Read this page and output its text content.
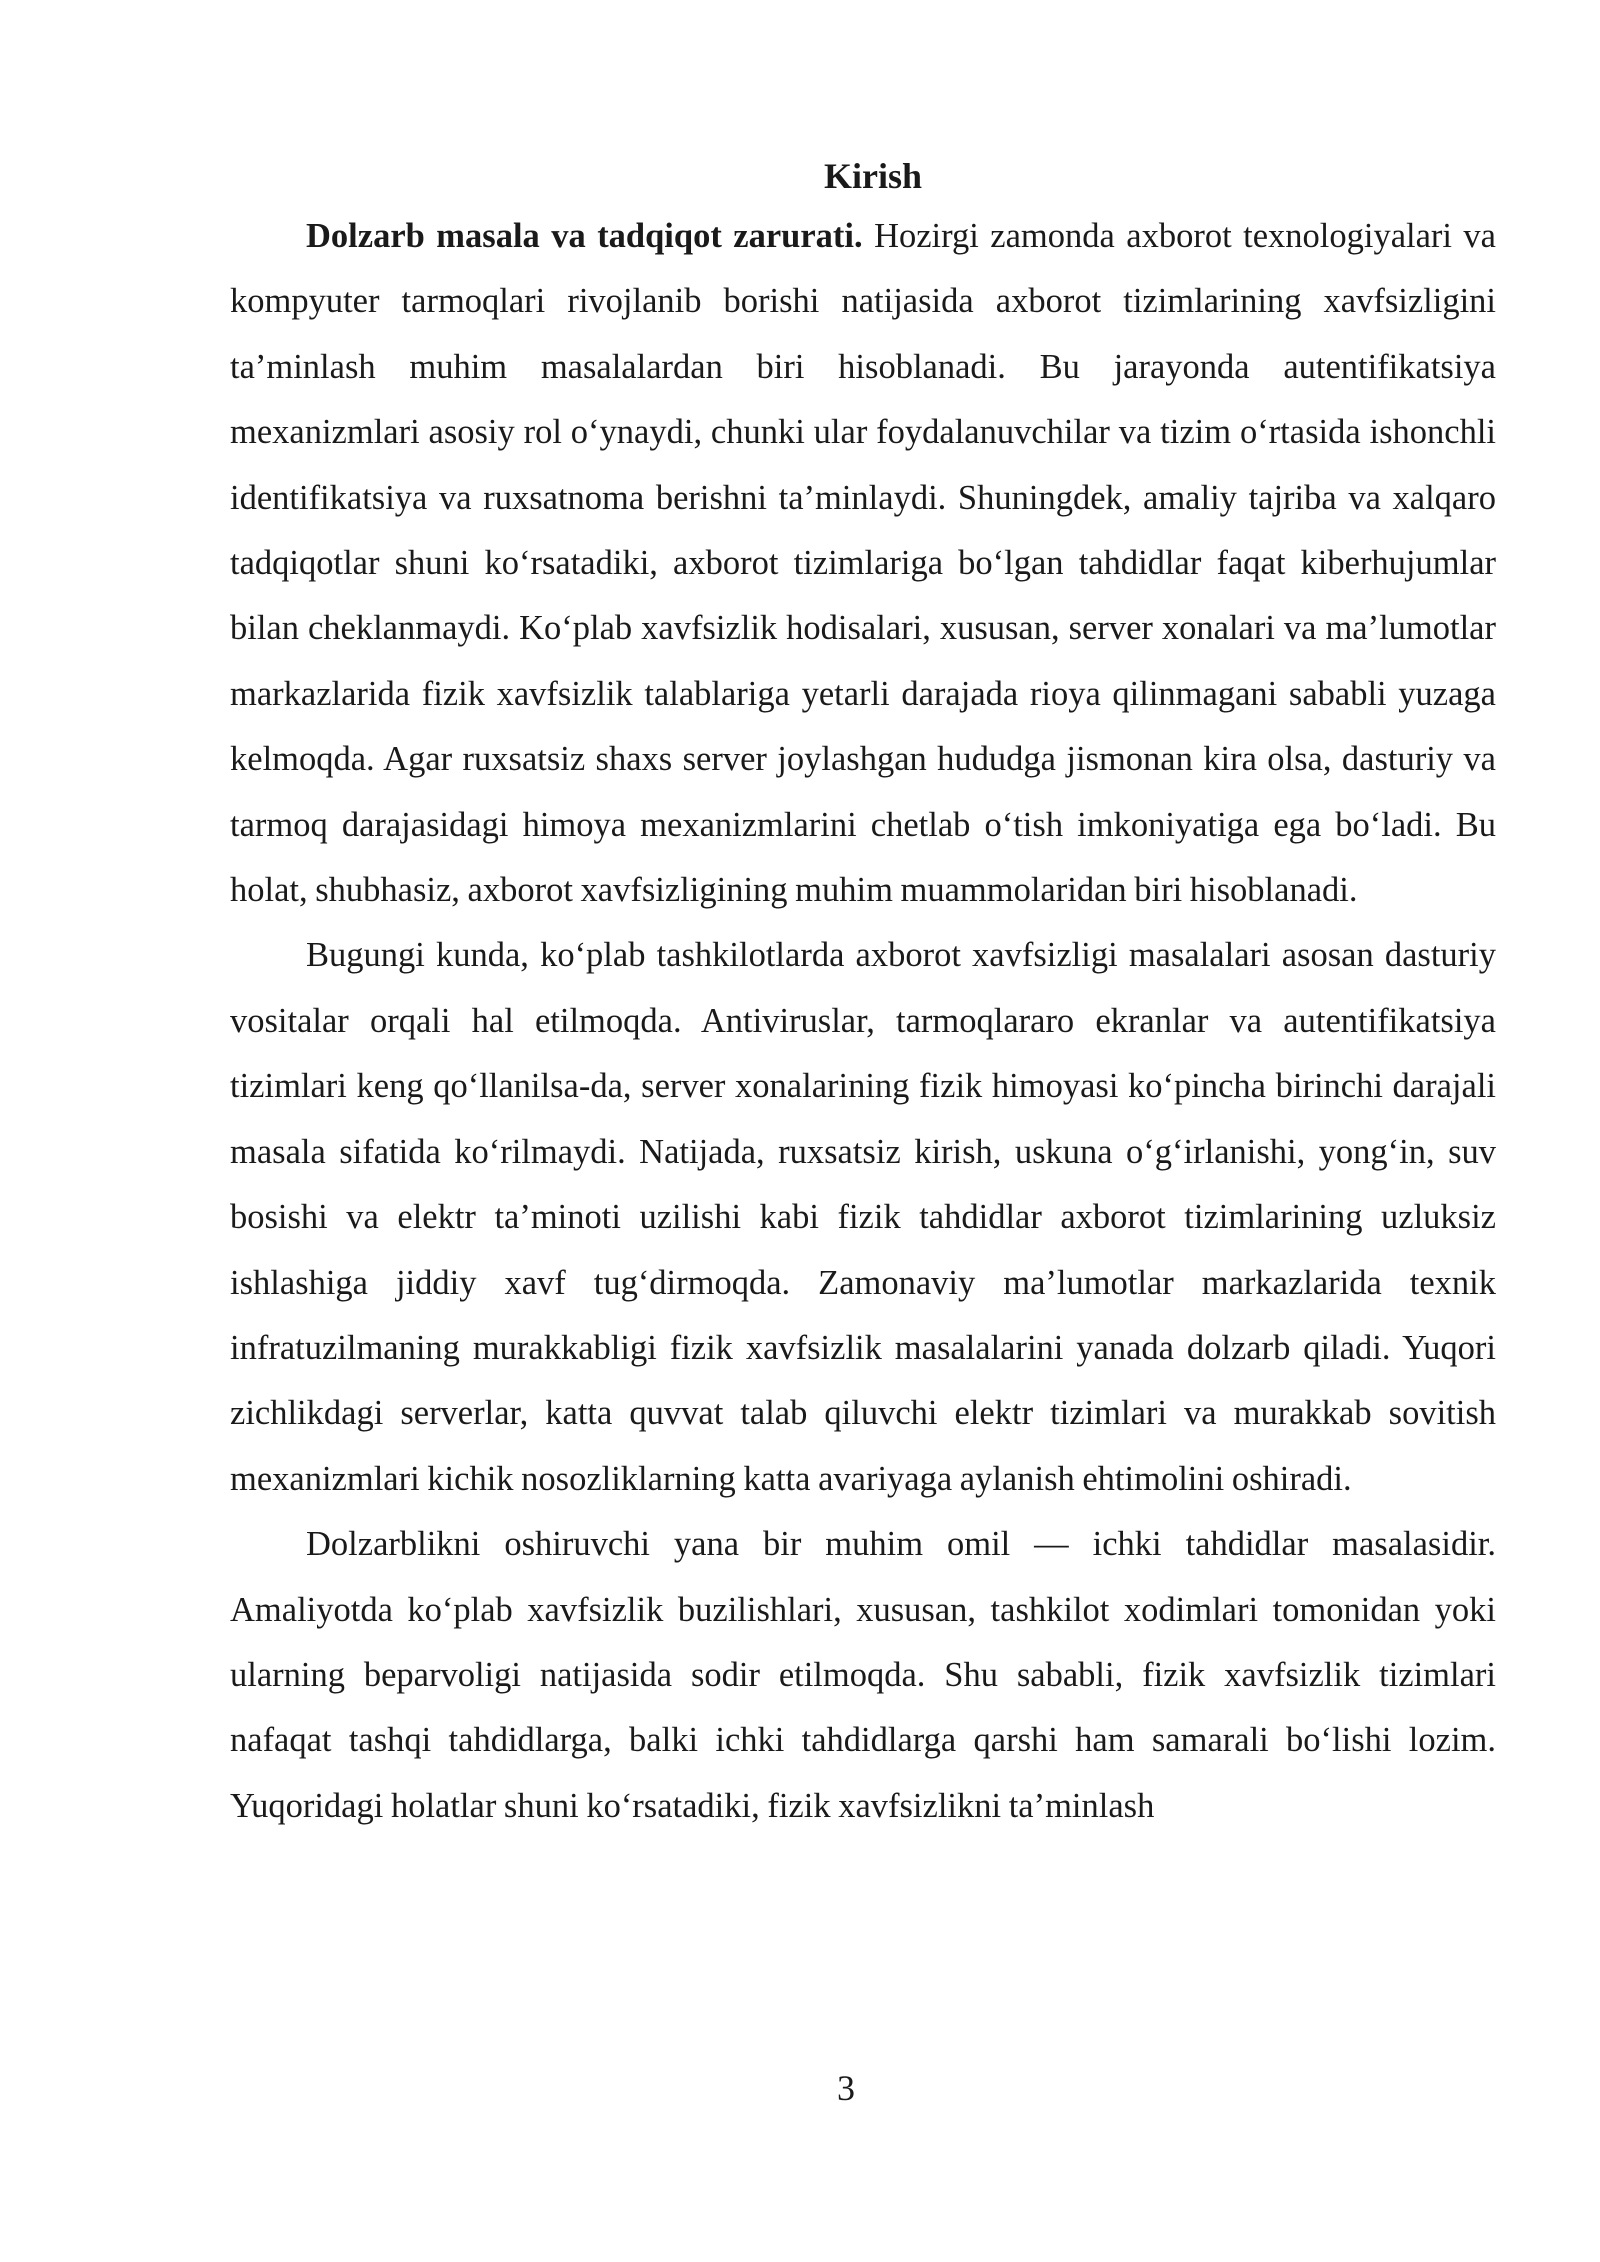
Kirish

Dolzarb masala va tadqiqot zarurati. Hozirgi zamonda axborot texnologiyalari va kompyuter tarmoqlari rivojlanib borishi natijasida axborot tizimlarining xavfsizligini ta’minlash muhim masalalardan biri hisoblanadi. Bu jarayonda autentifikatsiya mexanizmlari asosiy rol o‘ynaydi, chunki ular foydalanuvchilar va tizim o‘rtasida ishonchli identifikatsiya va ruxsatnoma berishni ta’minlaydi. Shuningdek, amaliy tajriba va xalqaro tadqiqotlar shuni ko‘rsatadiki, axborot tizimlariga bo‘lgan tahdidlar faqat kiberhujumlar bilan cheklanmaydi. Ko‘plab xavfsizlik hodisalari, xususan, server xonalari va ma’lumotlar markazlarida fizik xavfsizlik talablariga yetarli darajada rioya qilinmagani sababli yuzaga kelmoqda. Agar ruxsatsiz shaxs server joylashgan hududga jismonan kira olsa, dasturiy va tarmoq darajasidagi himoya mexanizmlarini chetlab o‘tish imkoniyatiga ega bo‘ladi. Bu holat, shubhasiz, axborot xavfsizligining muhim muammolaridan biri hisoblanadi.

Bugungi kunda, ko‘plab tashkilotlarda axborot xavfsizligi masalalari asosan dasturiy vositalar orqali hal etilmoqda. Antiviruslar, tarmoqlararo ekranlar va autentifikatsiya tizimlari keng qo‘llanilsa-da, server xonalarining fizik himoyasi ko‘pincha birinchi darajali masala sifatida ko‘rilmaydi. Natijada, ruxsatsiz kirish, uskuna o‘g‘irlanishi, yong‘in, suv bosishi va elektr ta’minoti uzilishi kabi fizik tahdidlar axborot tizimlarining uzluksiz ishlashiga jiddiy xavf tug‘dirmoqda. Zamonaviy ma’lumotlar markazlarida texnik infratuzilmaning murakkabligi fizik xavfsizlik masalalarini yanada dolzarb qiladi. Yuqori zichlikdagi serverlar, katta quvvat talab qiluvchi elektr tizimlari va murakkab sovitish mexanizmlari kichik nosozliklarning katta avariyaga aylanish ehtimolini oshiradi.

Dolzarblikni oshiruvchi yana bir muhim omil — ichki tahdidlar masalasidir. Amaliyotda ko‘plab xavfsizlik buzilishlari, xususan, tashkilot xodimlari tomonidan yoki ularning beparvoligi natijasida sodir etilmoqda. Shu sababli, fizik xavfsizlik tizimlari nafaqat tashqi tahdidlarga, balki ichki tahdidlarga qarshi ham samarali bo‘lishi lozim. Yuqoridagi holatlar shuni ko‘rsatadiki, fizik xavfsizlikni ta’minlash

3
